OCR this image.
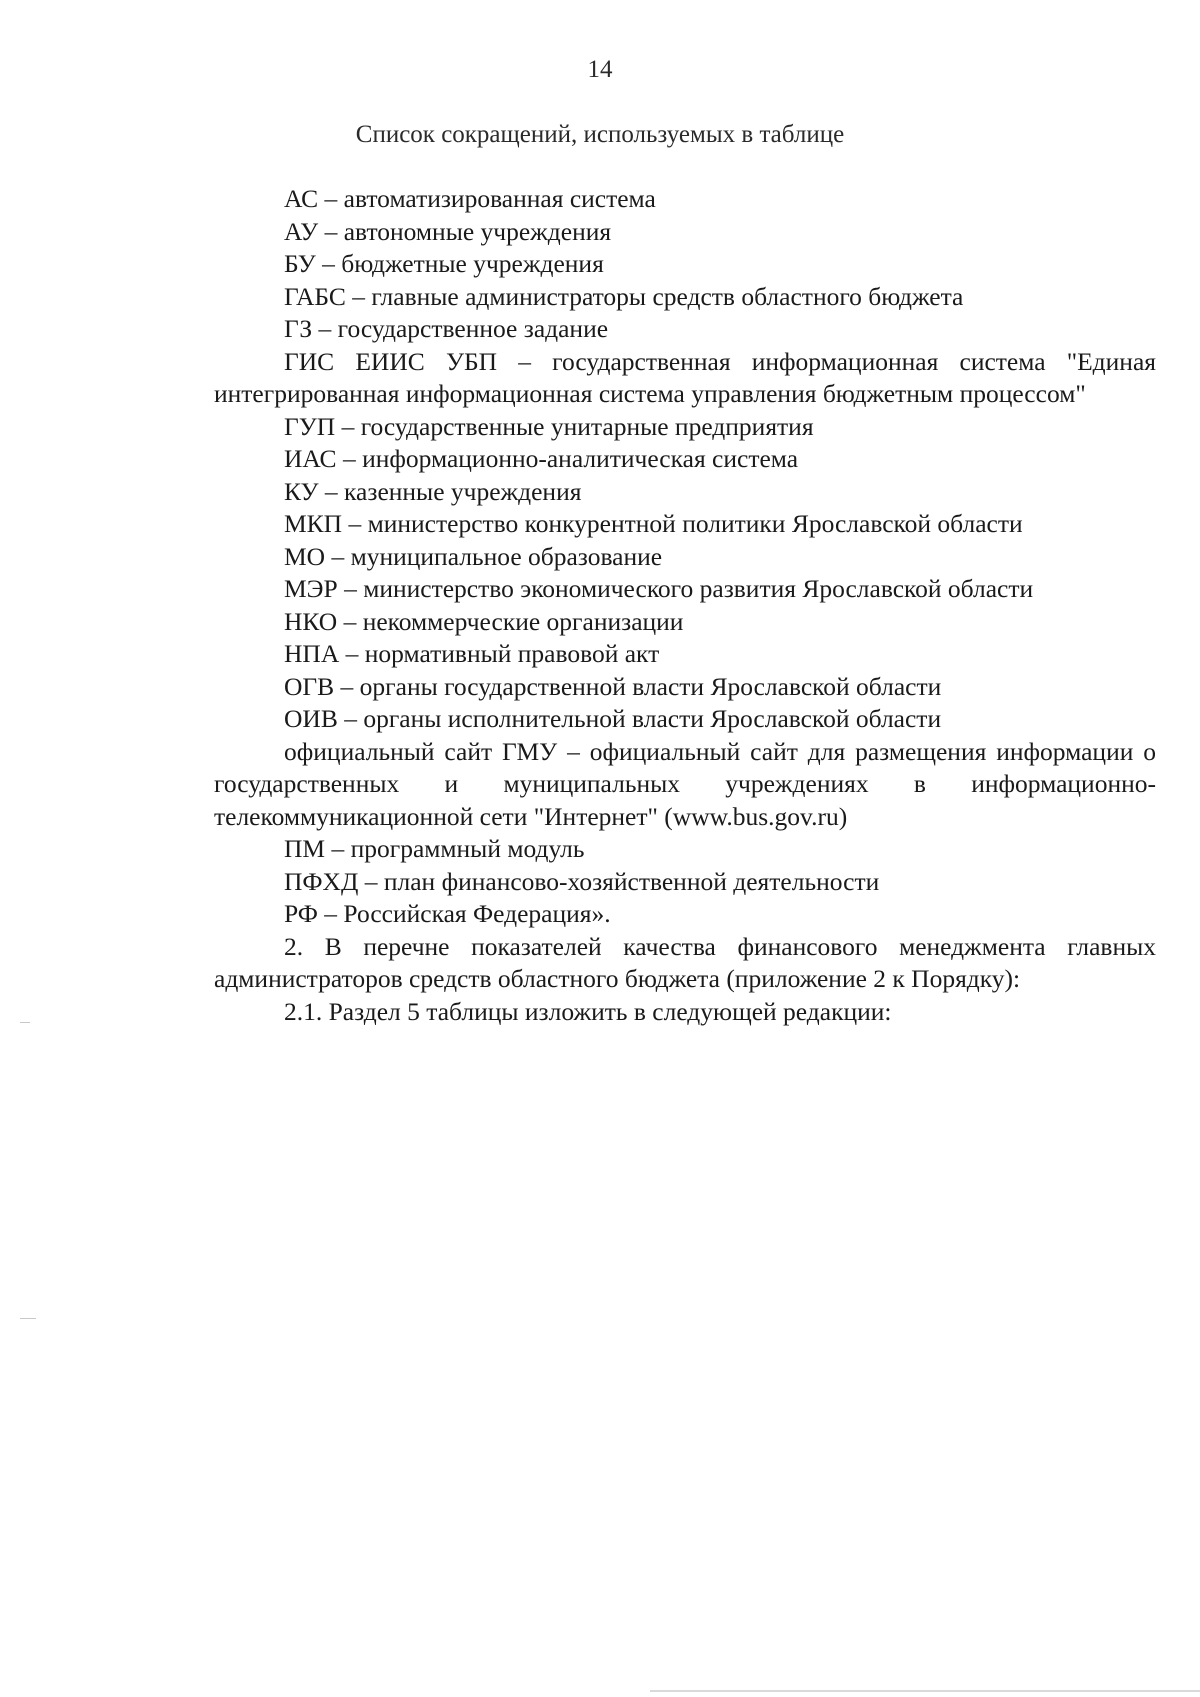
14
Список сокращений, используемых в таблице

АС – автоматизированная система

АУ – автономные учреждения

БУ – бюджетные учреждения

ГАБС – главные администраторы средств областного бюджета

ГЗ – государственное задание

ГИС ЕИИС УБП – государственная информационная система "Единая интегрированная информационная система управления бюджетным процессом"

ГУП – государственные унитарные предприятия

ИАС – информационно-аналитическая система

КУ – казенные учреждения

МКП – министерство конкурентной политики Ярославской области

МО – муниципальное образование

МЭР – министерство экономического развития Ярославской области

НКО – некоммерческие организации

НПА – нормативный правовой акт

ОГВ – органы государственной власти Ярославской области

ОИВ – органы исполнительной власти Ярославской области

официальный сайт ГМУ – официальный сайт для размещения информации о государственных и муниципальных учреждениях в информационно-телекоммуникационной сети "Интернет" (www.bus.gov.ru)

ПМ – программный модуль

ПФХД – план финансово-хозяйственной деятельности

РФ – Российская Федерация».

2. В перечне показателей качества финансового менеджмента главных администраторов средств областного бюджета (приложение 2 к Порядку):

2.1. Раздел 5 таблицы изложить в следующей редакции:
